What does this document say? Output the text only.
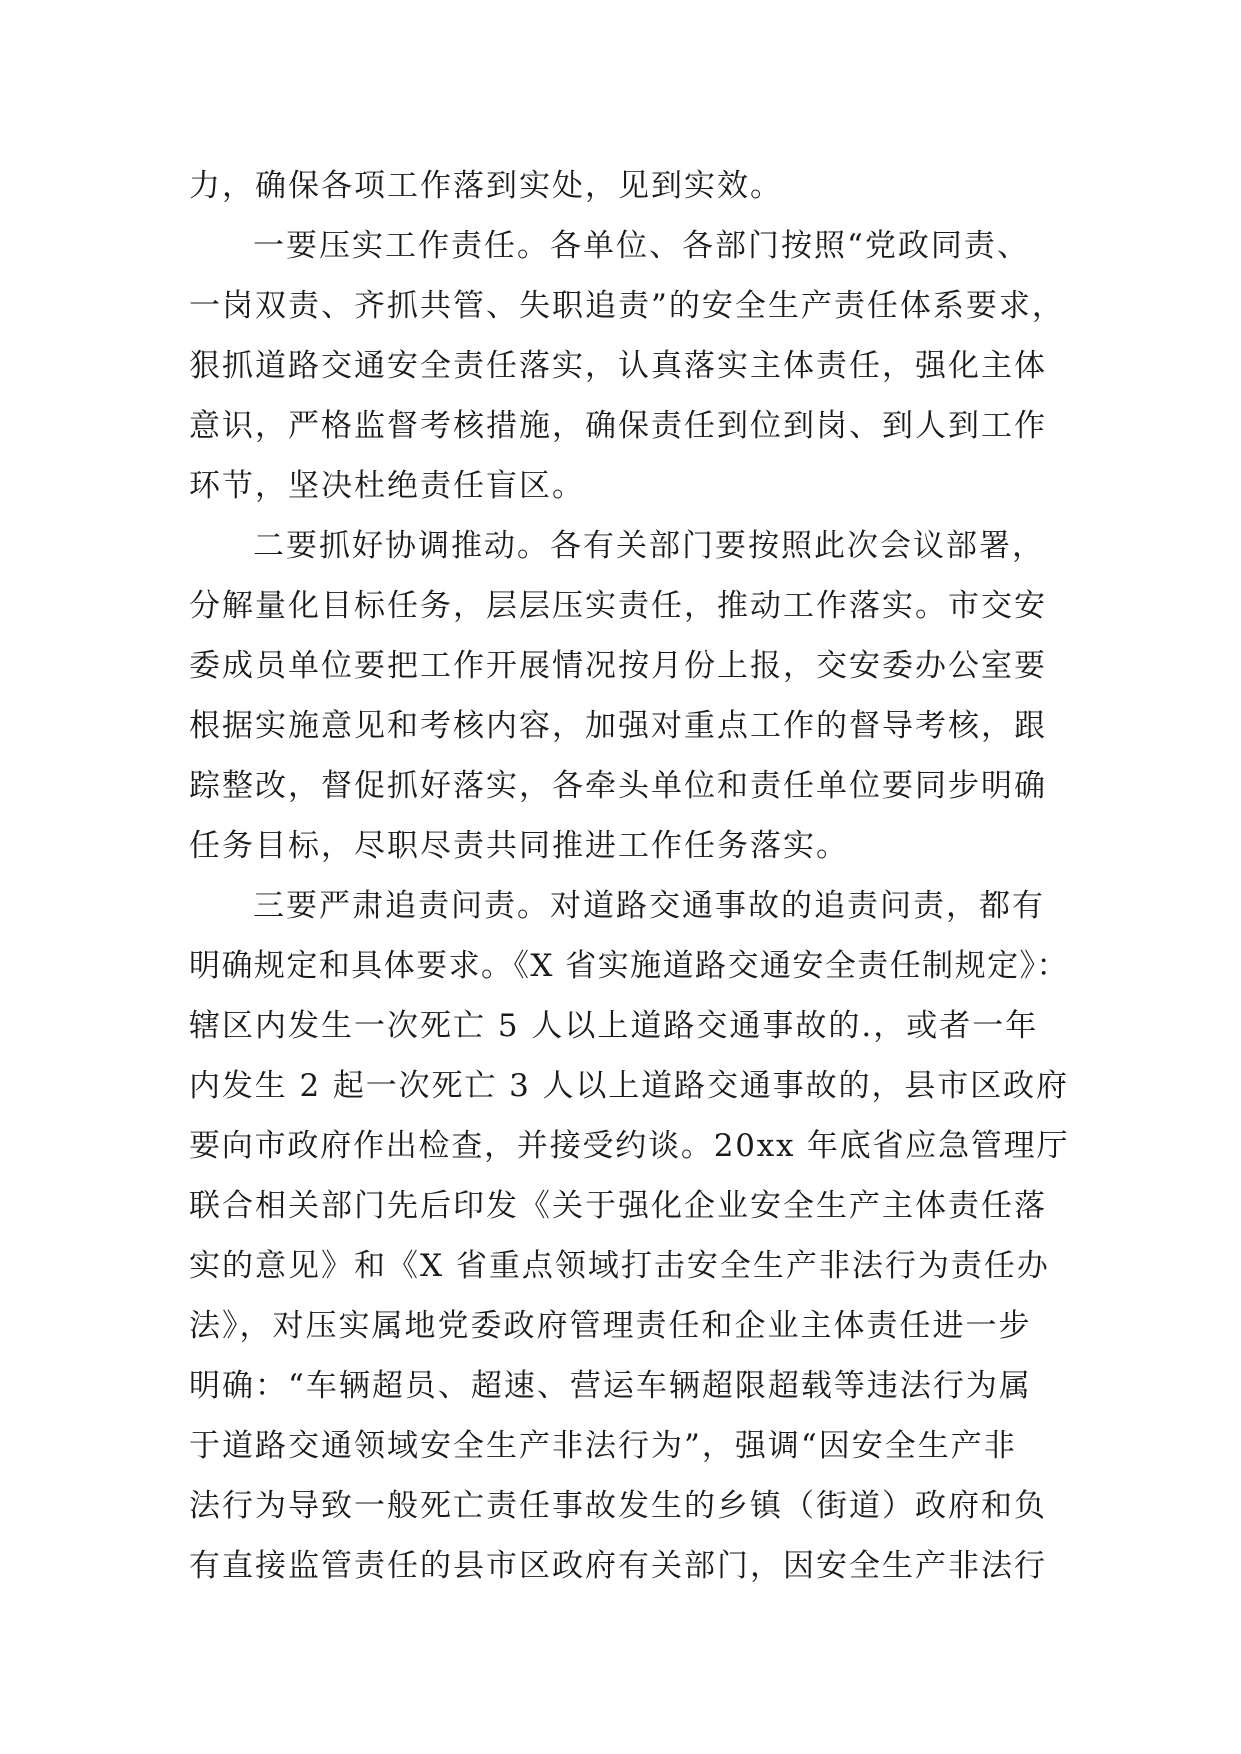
力，确保各项工作落到实处，见到实效。
一要压实工作责任。各单位、各部门按照“党政同责、
一岗双责、齐抓共管、失职追责”的安全生产责任体系要求，
狠抓道路交通安全责任落实，认真落实主体责任，强化主体
意识，严格监督考核措施，确保责任到位到岗、到人到工作
环节，坚决杜绝责任盲区。
二要抓好协调推动。各有关部门要按照此次会议部署，
分解量化目标任务，层层压实责任，推动工作落实。市交安
委成员单位要把工作开展情况按月份上报，交安委办公室要
根据实施意见和考核内容，加强对重点工作的督导考核，跟
踪整改，督促抓好落实，各牵头单位和责任单位要同步明确
任务目标，尽职尽责共同推进工作任务落实。
三要严肃追责问责。对道路交通事故的追责问责，都有
明确规定和具体要求。《X 省实施道路交通安全责任制规定》：
辖区内发生一次死亡 5 人以上道路交通事故的.，或者一年
内发生 2 起一次死亡 3 人以上道路交通事故的，县市区政府
要向市政府作出检查，并接受约谈。20xx 年底省应急管理厅
联合相关部门先后印发《关于强化企业安全生产主体责任落
实的意见》和《X 省重点领域打击安全生产非法行为责任办
法》，对压实属地党委政府管理责任和企业主体责任进一步
明确：“车辆超员、超速、营运车辆超限超载等违法行为属
于道路交通领域安全生产非法行为”，强调“因安全生产非
法行为导致一般死亡责任事故发生的乡镇（街道）政府和负
有直接监管责任的县市区政府有关部门，因安全生产非法行
